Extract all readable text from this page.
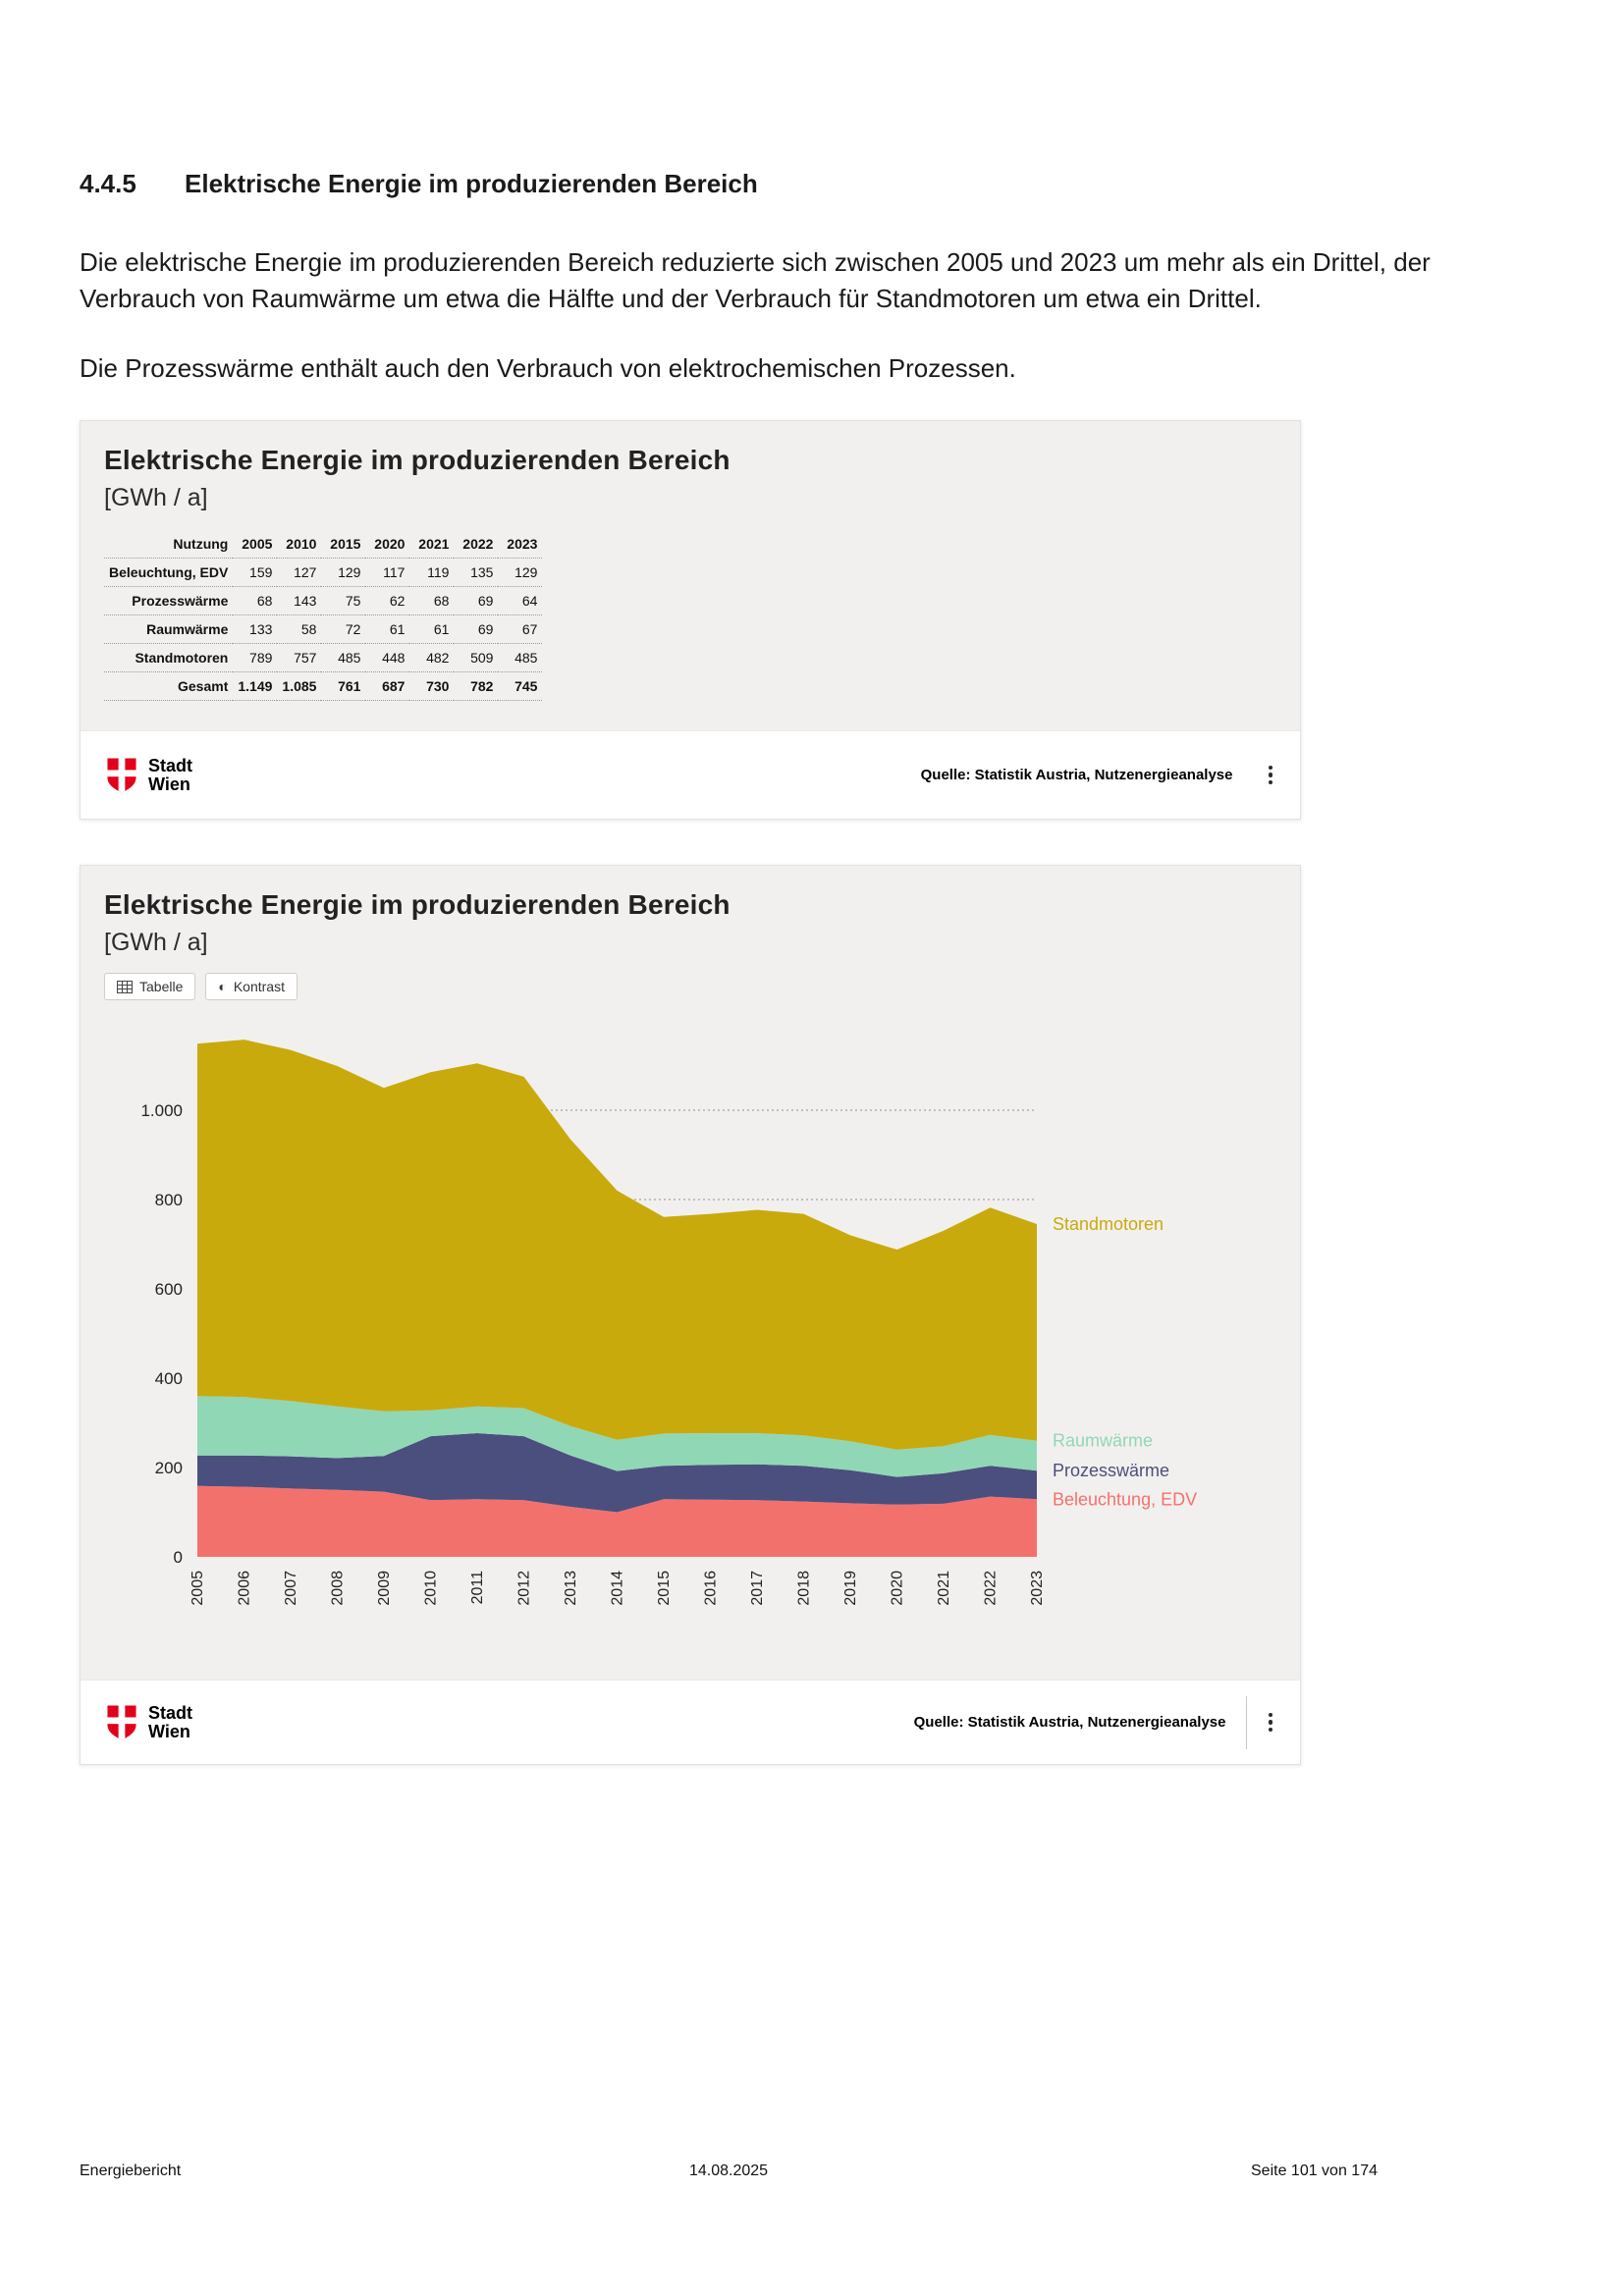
4.4.5	Elektrische Energie im produzierenden Bereich

Die elektrische Energie im produzierenden Bereich reduzierte sich zwischen 2005 und 2023 um mehr als ein Drittel, der Verbrauch von Raumwärme um etwa die Hälfte und der Verbrauch für Standmotoren um etwa ein Drittel.

Die Prozesswärme enthält auch den Verbrauch von elektrochemischen Prozessen.

Elektrische Energie im produzierenden Bereich
[GWh / a]
Nutzung	2005	2010	2015	2020	2021	2022	2023
Beleuchtung, EDV	159	127	129	117	119	135	129
Prozesswärme	68	143	75	62	68	69	64
Raumwärme	133	58	72	61	61	69	67
Standmotoren	789	757	485	448	482	509	485
Gesamt	1.149	1.085	761	687	730	782	745
Stadt
Wien	Quelle: Statistik Austria, Nutzenergieanalyse
Elektrische Energie im produzierenden Bereich
[GWh / a]
Tabelle	◐ Kontrast
0
200
400
600
800
1.000
2005 2006 2007 2008 2009 2010 2011 2012 2013 2014 2015 2016 2017 2018 2019 2020 2021 2022 2023
Beleuchtung, EDV
Prozesswärme
Raumwärme
Standmotoren
Stadt
Wien	Quelle: Statistik Austria, Nutzenergieanalyse
Energiebericht	14.08.2025	Seite 101 von 174
